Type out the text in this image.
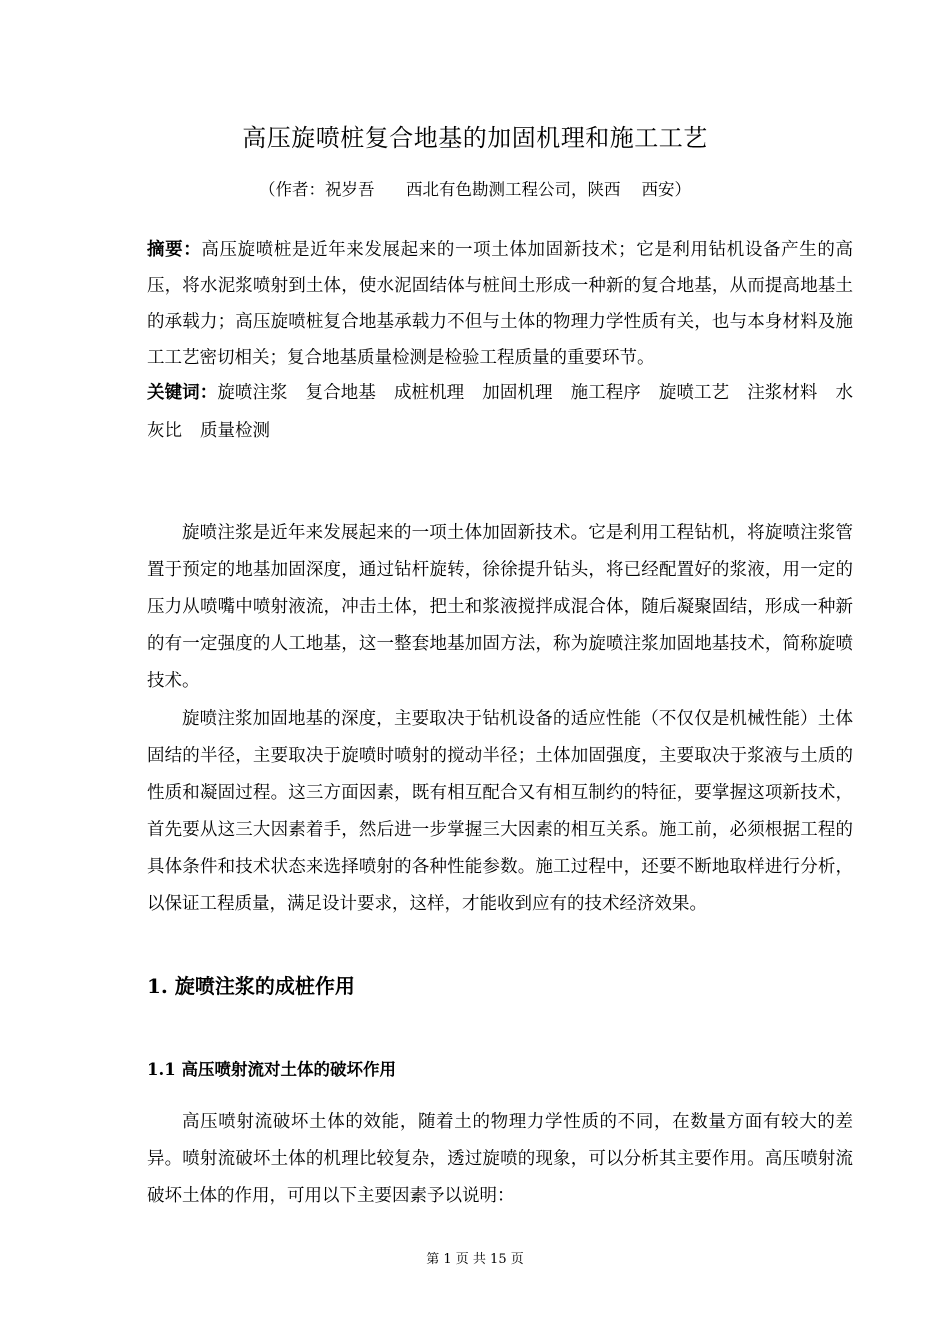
高压旋喷桩复合地基的加固机理和施工工艺
（作者：祝岁吾      西北有色勘测工程公司，陕西    西安）
摘要：高压旋喷桩是近年来发展起来的一项土体加固新技术；它是利用钻机设备产生的高压，将水泥浆喷射到土体，使水泥固结体与桩间土形成一种新的复合地基，从而提高地基土的承载力；高压旋喷桩复合地基承载力不但与土体的物理力学性质有关，也与本身材料及施工工艺密切相关；复合地基质量检测是检验工程质量的重要环节。
关键词：旋喷注浆 复合地基 成桩机理 加固机理 施工程序 旋喷工艺 注浆材料 水灰比 质量检测
旋喷注浆是近年来发展起来的一项土体加固新技术。它是利用工程钻机，将旋喷注浆管置于预定的地基加固深度，通过钻杆旋转，徐徐提升钻头，将已经配置好的浆液，用一定的压力从喷嘴中喷射液流，冲击土体，把土和浆液搅拌成混合体，随后凝聚固结，形成一种新的有一定强度的人工地基，这一整套地基加固方法，称为旋喷注浆加固地基技术，简称旋喷技术。
旋喷注浆加固地基的深度，主要取决于钻机设备的适应性能（不仅仅是机械性能）土体固结的半径，主要取决于旋喷时喷射的搅动半径；土体加固强度，主要取决于浆液与土质的性质和凝固过程。这三方面因素，既有相互配合又有相互制约的特征，要掌握这项新技术，首先要从这三大因素着手，然后进一步掌握三大因素的相互关系。施工前，必须根据工程的具体条件和技术状态来选择喷射的各种性能参数。施工过程中，还要不断地取样进行分析，以保证工程质量，满足设计要求，这样，才能收到应有的技术经济效果。
1. 旋喷注浆的成桩作用
1.1 高压喷射流对土体的破坏作用
高压喷射流破坏土体的效能，随着土的物理力学性质的不同，在数量方面有较大的差异。喷射流破坏土体的机理比较复杂，透过旋喷的现象，可以分析其主要作用。高压喷射流破坏土体的作用，可用以下主要因素予以说明：
第 1 页 共 15 页
